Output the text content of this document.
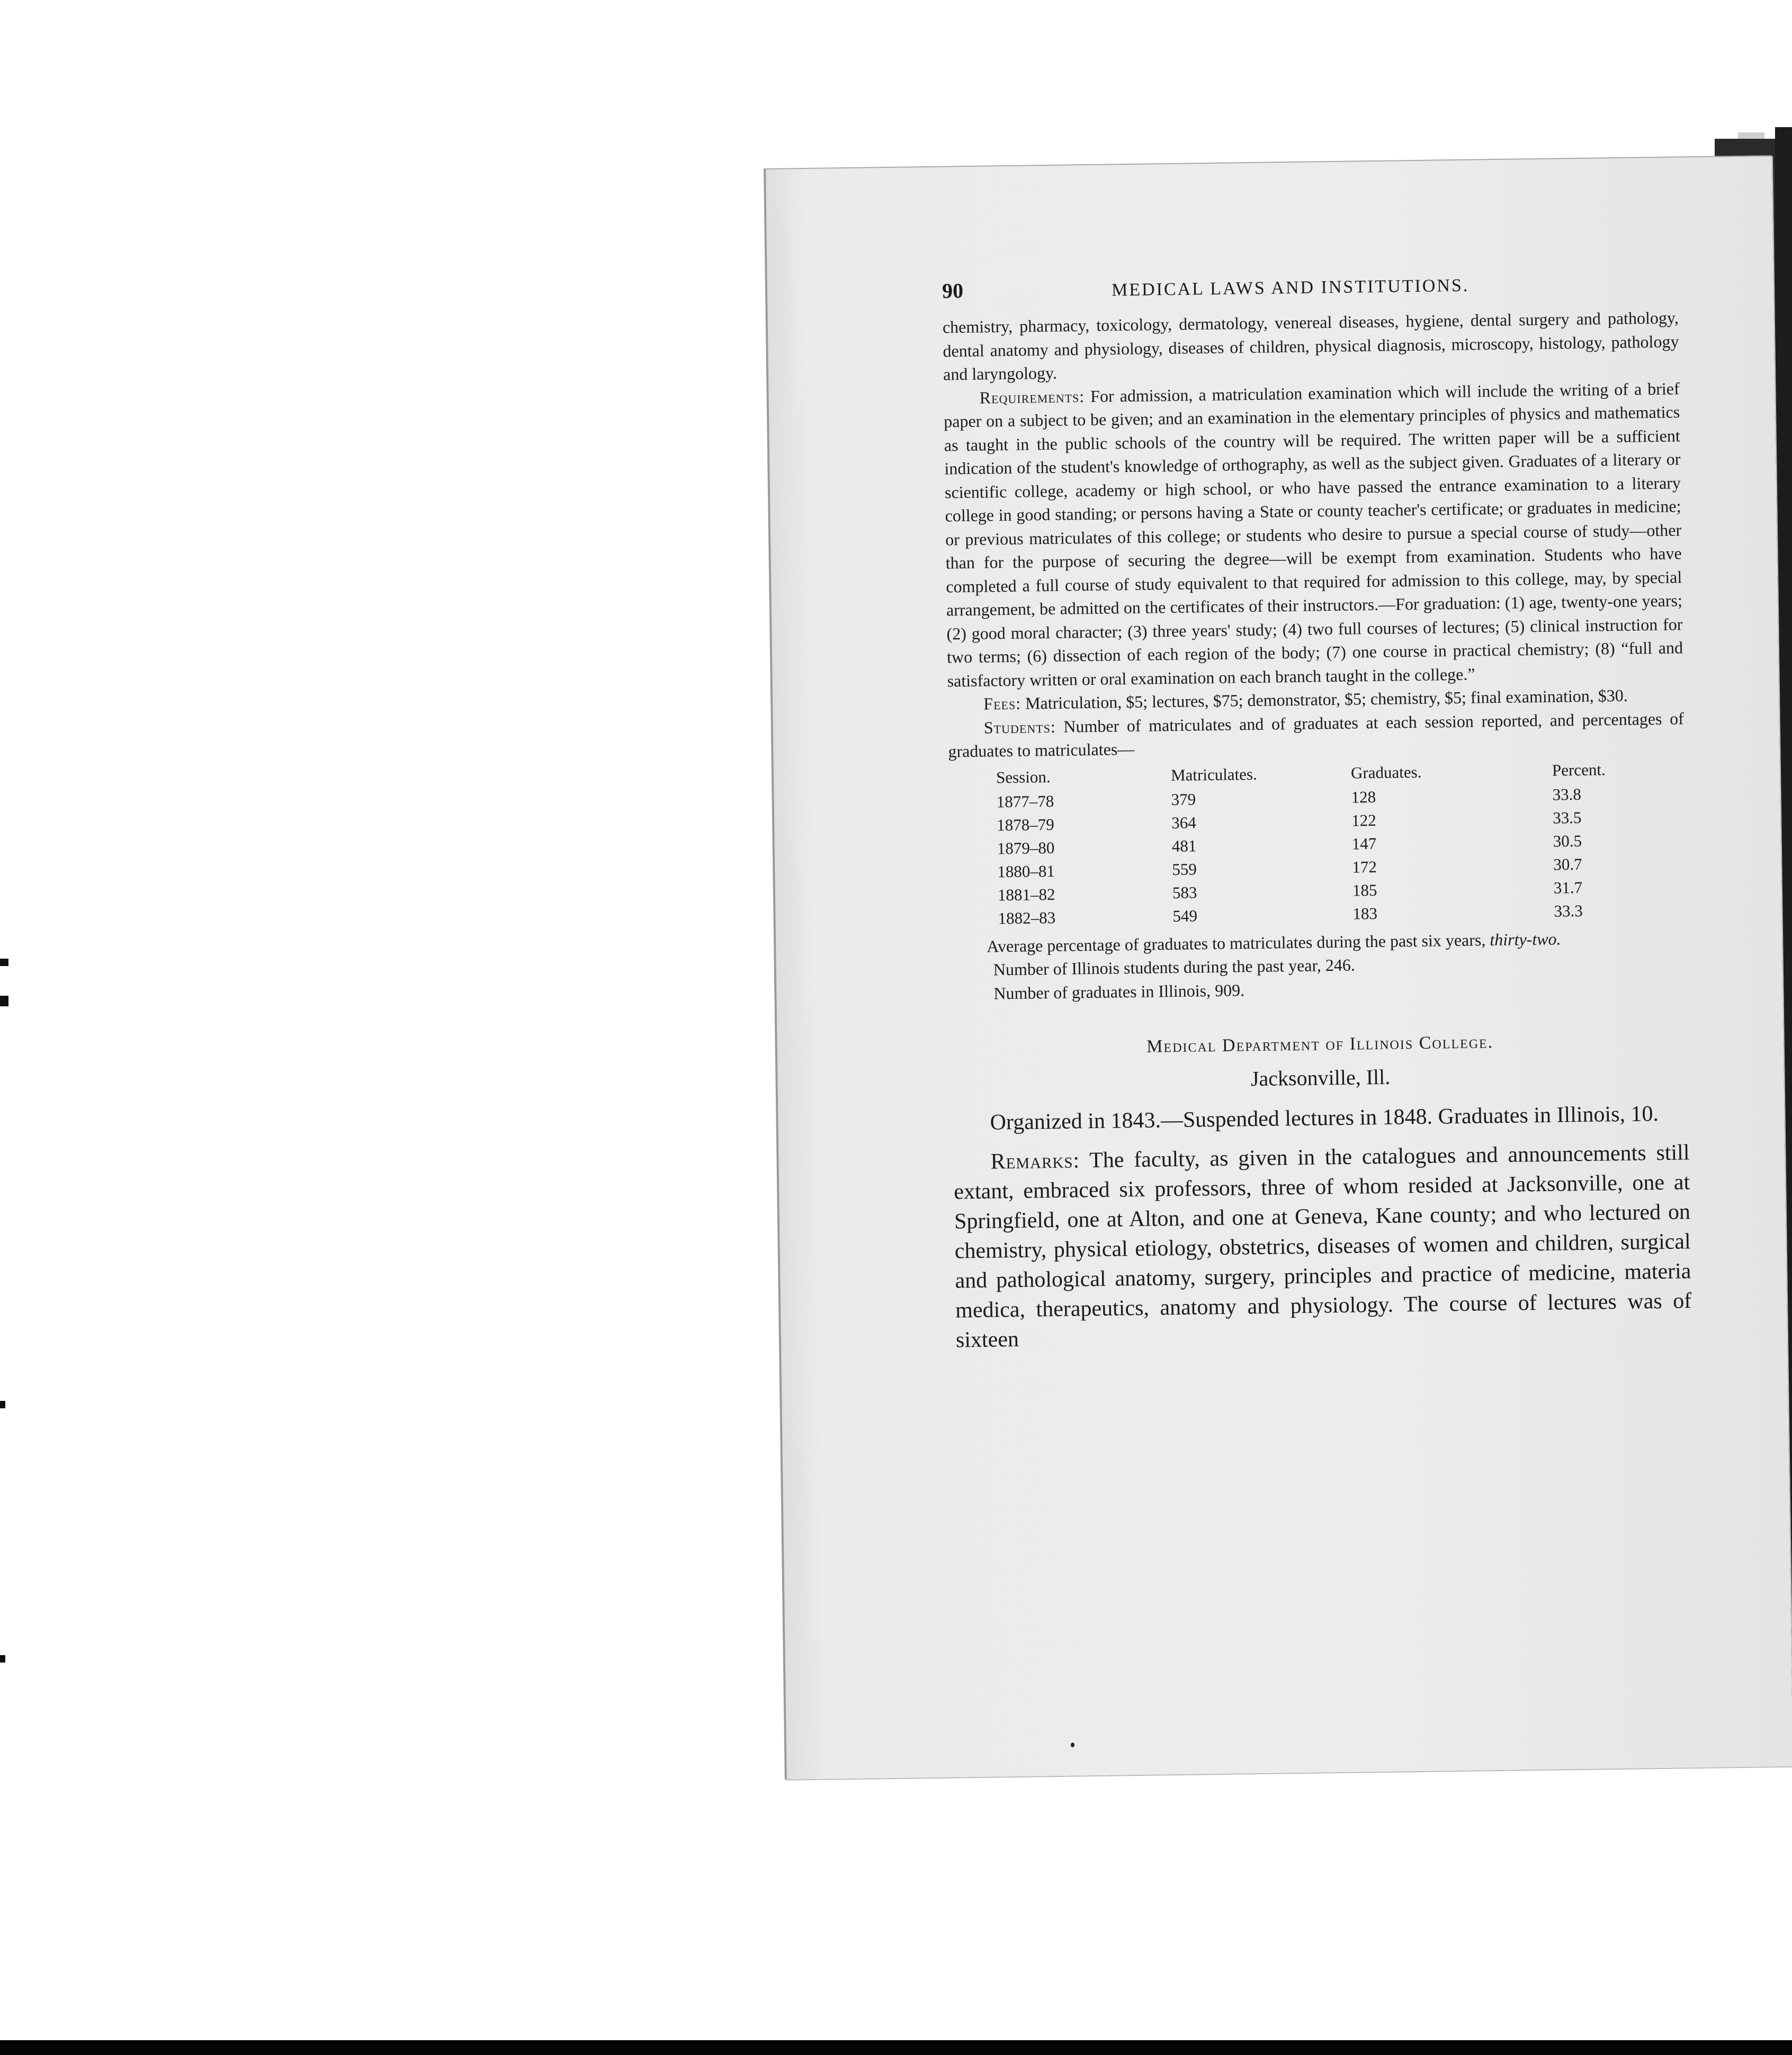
90	MEDICAL LAWS AND INSTITUTIONS.

chemistry, pharmacy, toxicology, dermatology, venereal diseases, hygiene, dental surgery and pathology, dental anatomy and physiology, diseases of children, physical diagnosis, microscopy, histology, pathology and laryngology.

Requirements: For admission, a matriculation examination which will include the writing of a brief paper on a subject to be given; and an examination in the elementary principles of physics and mathematics as taught in the public schools of the country will be required. The written paper will be a sufficient indication of the student's knowledge of orthography, as well as the subject given. Graduates of a literary or scientific college, academy or high school, or who have passed the entrance examination to a literary college in good standing; or persons having a State or county teacher's certificate; or graduates in medicine; or previous matriculates of this college; or students who desire to pursue a special course of study—other than for the purpose of securing the degree—will be exempt from examination. Students who have completed a full course of study equivalent to that required for admission to this college, may, by special arrangement, be admitted on the certificates of their instructors.—For graduation: (1) age, twenty-one years; (2) good moral character; (3) three years' study; (4) two full courses of lectures; (5) clinical instruction for two terms; (6) dissection of each region of the body; (7) one course in practical chemistry; (8) “full and satisfactory written or oral examination on each branch taught in the college.”

Fees: Matriculation, $5; lectures, $75; demonstrator, $5; chemistry, $5; final examination, $30.

Students: Number of matriculates and of graduates at each session reported, and percentages of graduates to matriculates—

Session.	Matriculates.	Graduates.	Percent.
1877–78	379	128	33.8
1878–79	364	122	33.5
1879–80	481	147	30.5
1880–81	559	172	30.7
1881–82	583	185	31.7
1882–83	549	183	33.3

Average percentage of graduates to matriculates during the past six years, thirty-two.

Number of Illinois students during the past year, 246.

Number of graduates in Illinois, 909.

Medical Department of Illinois College.
Jacksonville, Ill.

Organized in 1843.—Suspended lectures in 1848. Graduates in Illinois, 10.

Remarks: The faculty, as given in the catalogues and announcements still extant, embraced six professors, three of whom resided at Jacksonville, one at Springfield, one at Alton, and one at Geneva, Kane county; and who lectured on chemistry, physical etiology, obstetrics, diseases of women and children, surgical and pathological anatomy, surgery, principles and practice of medicine, materia medica, therapeutics, anatomy and physiology. The course of lectures was of sixteen
